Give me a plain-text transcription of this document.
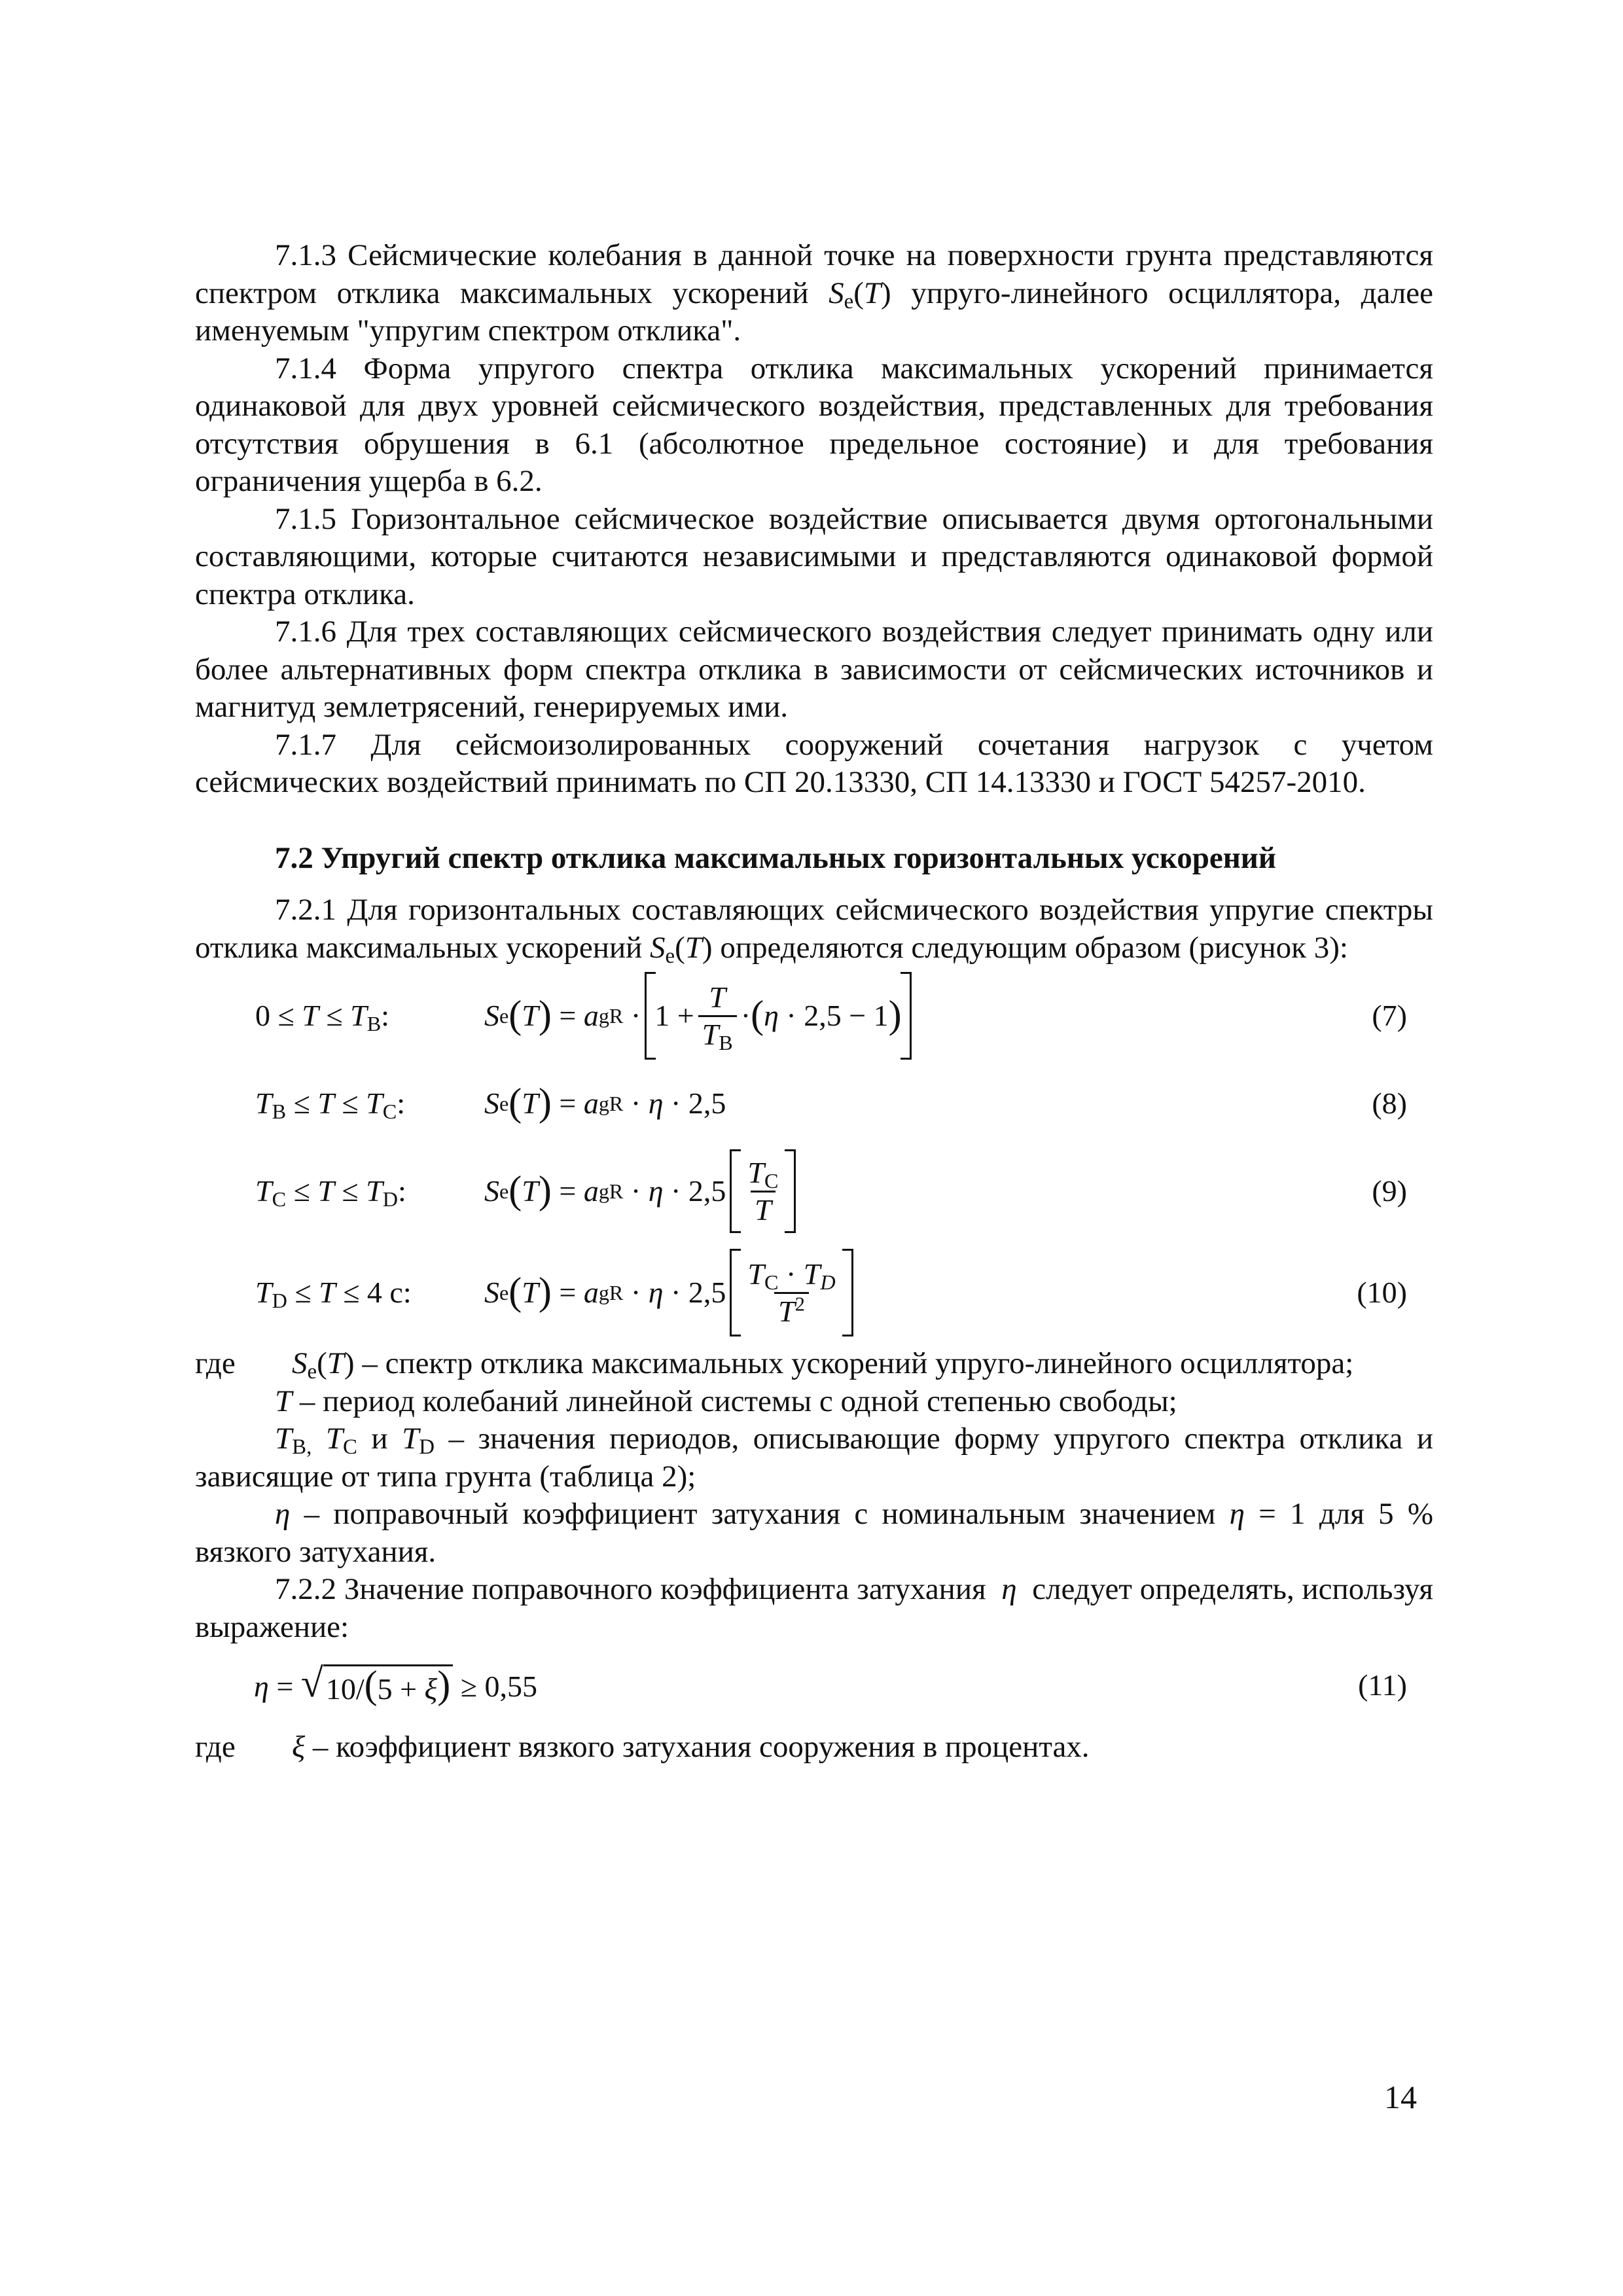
7.1.3 Сейсмические колебания в данной точке на поверхности грунта представляются спектром отклика максимальных ускорений $S_e(T)$ упруго-линейного осциллятора, далее именуемым "упругим спектром отклика".

7.1.4 Форма упругого спектра отклика максимальных ускорений принимается одинаковой для двух уровней сейсмического воздействия, представленных для требования отсутствия обрушения в 6.1 (абсолютное предельное состояние) и для требования ограничения ущерба в 6.2.

7.1.5 Горизонтальное сейсмическое воздействие описывается двумя ортогональными составляющими, которые считаются независимыми и представляются одинаковой формой спектра отклика.

7.1.6 Для трех составляющих сейсмического воздействия следует принимать одну или более альтернативных форм спектра отклика в зависимости от сейсмических источников и магнитуд землетрясений, генерируемых ими.

7.1.7 Для сейсмоизолированных сооружений сочетания нагрузок с учетом сейсмических воздействий принимать по СП 20.13330, СП 14.13330 и ГОСТ 54257-2010.

7.2 Упругий спектр отклика максимальных горизонтальных ускорений

7.2.1 Для горизонтальных составляющих сейсмического воздействия упругие спектры отклика максимальных ускорений $S_e(T)$ определяются следующим образом (рисунок 3):

$0 \le T \le T_B$:	S e ( T ) = a gR · $1 + \frac{T}{T_B}$ · ( η · 2,5 − 1 )	(7)
$T_B \le T \le T_C$:	S e ( T ) = a gR · η · 2,5	(8)
$T_C \le T \le T_D$:	S e ( T ) = a gR · $\eta \cdot 2,5 \frac{T_C}{T}$	(9)
$T_D \le T \le 4$ с: S e ( T ) = a gR · $\eta \cdot 2,5 \frac{T_C \cdot T_D}{T^2}$	(10)
где $S_e(T)$ – спектр отклика максимальных ускорений упруго-линейного осциллятора;

T – период колебаний линейной системы с одной степенью свободы;

$T_{B,}$ $T_C$ и $T_D$ – значения периодов, описывающие форму упругого спектра отклика и зависящие от типа грунта (таблица 2);

η – поправочный коэффициент затухания с номинальным значением η = 1 для 5 % вязкого затухания.

7.2.2 Значение поправочного коэффициента затухания η следует определять, используя выражение:

η = √ 10/(5 + ξ) ≥ 0,55	(11)
где ξ – коэффициент вязкого затухания сооружения в процентах.
14
